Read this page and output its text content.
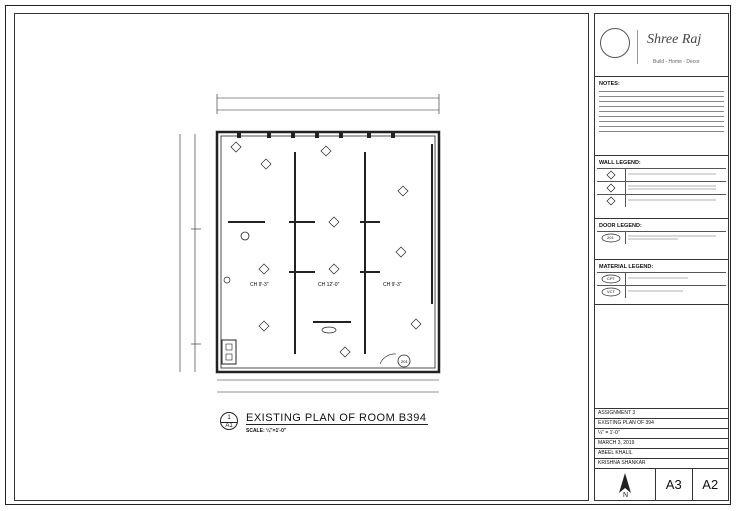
201
CH 9'-3"	CH 12'-0"	CH 9'-3"
1
A1
EXISTING PLAN OF ROOM B394
SCALE: ¼"=1'-0"
Shree Raj
Build - Home - Decor
NOTES:
WALL LEGEND:
DOOR LEGEND:
201
MATERIAL LEGEND:
CPT
VCT
ASSIGNMENT 3
EXISTING PLAN OF 394
¼" = 1'-0"
MARCH 3, 2019
ABEEL KHALIL
KRISHNA SHANKAR
N
A3	A2
